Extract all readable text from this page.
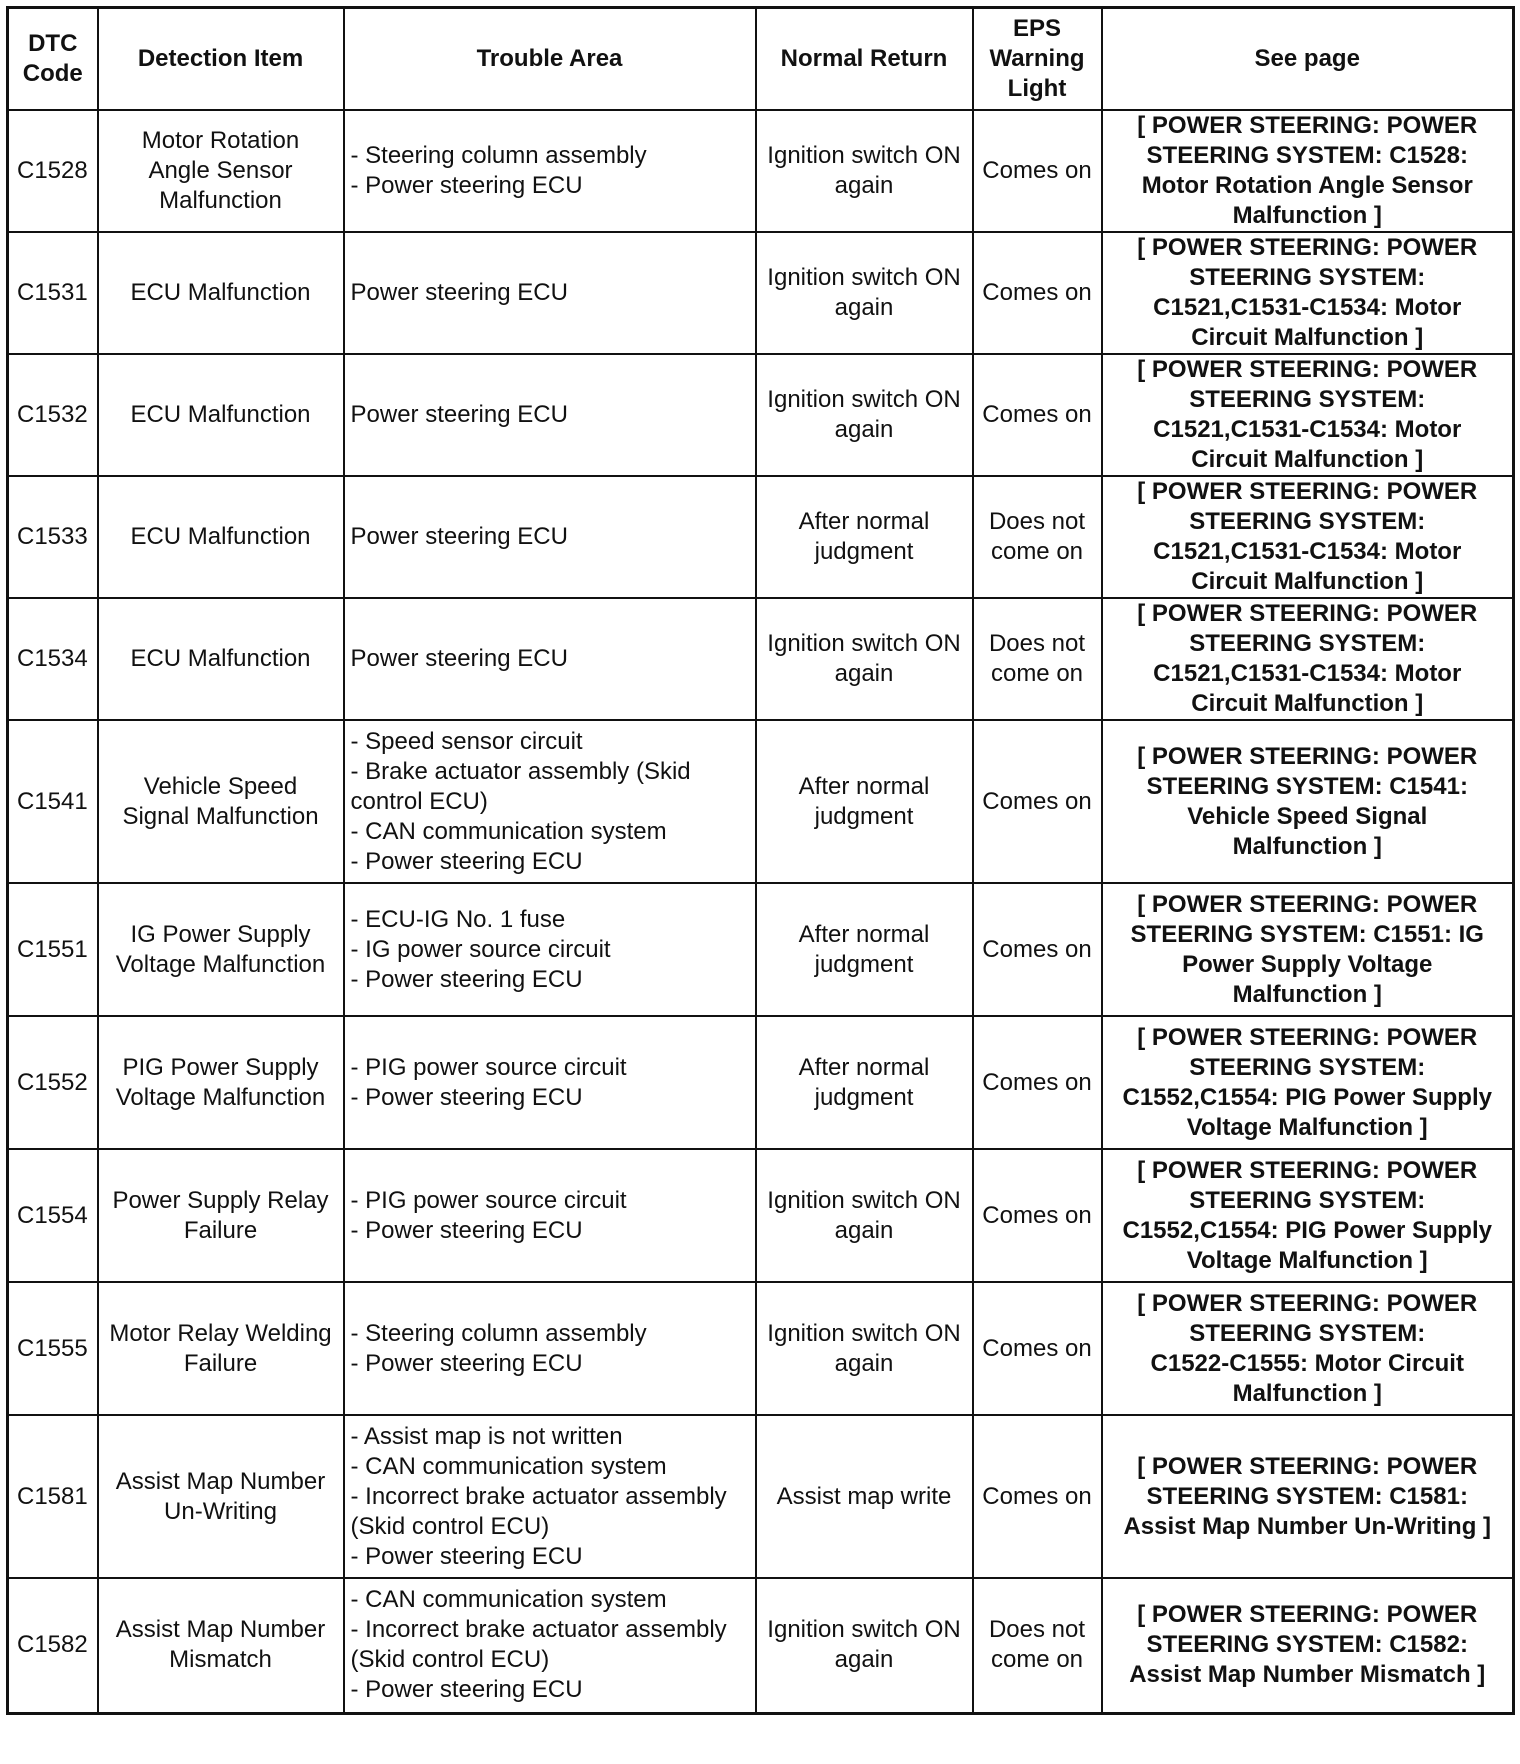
DTC
Code	Detection Item	Trouble Area	Normal Return	EPS
Warning
Light	See page
C1528	Motor Rotation
Angle Sensor
Malfunction	- Steering column assembly
- Power steering ECU	Ignition switch ON
again	Comes on	[ POWER STEERING: POWER
STEERING SYSTEM: C1528:
Motor Rotation Angle Sensor
Malfunction ]
C1531	ECU Malfunction	Power steering ECU	Ignition switch ON
again	Comes on	[ POWER STEERING: POWER
STEERING SYSTEM:
C1521,C1531-C1534: Motor
Circuit Malfunction ]
C1532	ECU Malfunction	Power steering ECU	Ignition switch ON
again	Comes on	[ POWER STEERING: POWER
STEERING SYSTEM:
C1521,C1531-C1534: Motor
Circuit Malfunction ]
C1533	ECU Malfunction	Power steering ECU	After normal
judgment	Does not
come on	[ POWER STEERING: POWER
STEERING SYSTEM:
C1521,C1531-C1534: Motor
Circuit Malfunction ]
C1534	ECU Malfunction	Power steering ECU	Ignition switch ON
again	Does not
come on	[ POWER STEERING: POWER
STEERING SYSTEM:
C1521,C1531-C1534: Motor
Circuit Malfunction ]
C1541	Vehicle Speed
Signal Malfunction	- Speed sensor circuit
- Brake actuator assembly (Skid
control ECU)
- CAN communication system
- Power steering ECU	After normal
judgment	Comes on	[ POWER STEERING: POWER
STEERING SYSTEM: C1541:
Vehicle Speed Signal
Malfunction ]
C1551	IG Power Supply
Voltage Malfunction	- ECU-IG No. 1 fuse
- IG power source circuit
- Power steering ECU	After normal
judgment	Comes on	[ POWER STEERING: POWER
STEERING SYSTEM: C1551: IG
Power Supply Voltage
Malfunction ]
C1552	PIG Power Supply
Voltage Malfunction	- PIG power source circuit
- Power steering ECU	After normal
judgment	Comes on	[ POWER STEERING: POWER
STEERING SYSTEM:
C1552,C1554: PIG Power Supply
Voltage Malfunction ]
C1554	Power Supply Relay
Failure	- PIG power source circuit
- Power steering ECU	Ignition switch ON
again	Comes on	[ POWER STEERING: POWER
STEERING SYSTEM:
C1552,C1554: PIG Power Supply
Voltage Malfunction ]
C1555	Motor Relay Welding
Failure	- Steering column assembly
- Power steering ECU	Ignition switch ON
again	Comes on	[ POWER STEERING: POWER
STEERING SYSTEM:
C1522-C1555: Motor Circuit
Malfunction ]
C1581	Assist Map Number
Un-Writing	- Assist map is not written
- CAN communication system
- Incorrect brake actuator assembly
(Skid control ECU)
- Power steering ECU	Assist map write	Comes on	[ POWER STEERING: POWER
STEERING SYSTEM: C1581:
Assist Map Number Un-Writing ]
C1582	Assist Map Number
Mismatch	- CAN communication system
- Incorrect brake actuator assembly
(Skid control ECU)
- Power steering ECU	Ignition switch ON
again	Does not
come on	[ POWER STEERING: POWER
STEERING SYSTEM: C1582:
Assist Map Number Mismatch ]
